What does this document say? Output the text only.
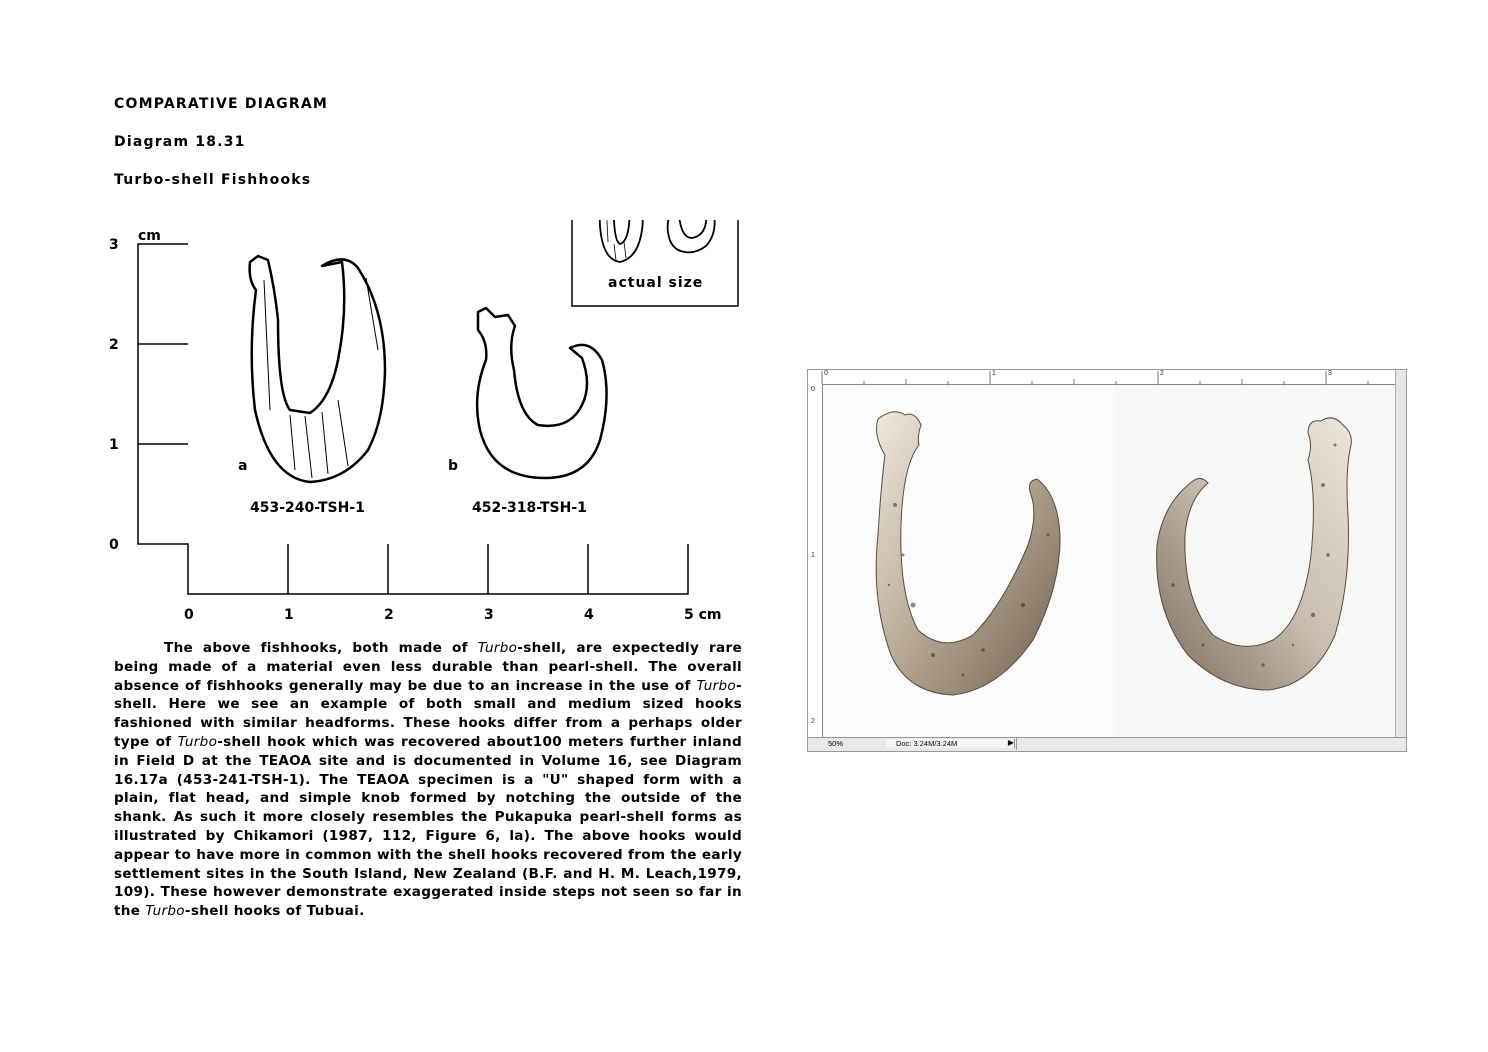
COMPARATIVE DIAGRAM
Diagram 18.31
Turbo-shell Fishhooks
cm
3
2
1
0
0	1	2	3	4	5 cm
a	b
453-240-TSH-1	452-318-TSH-1
actual size
The above fishhooks, both made of Turbo-shell, are expectedly rare being made of a material even less durable than pearl-shell. The overall absence of fishhooks generally may be due to an increase in the use of Turbo-shell. Here we see an example of both small and medium sized hooks fashioned with similar headforms. These hooks differ from a perhaps older type of Turbo-shell hook which was recovered about100 meters further inland in Field D at the TEAOA site and is documented in Volume 16, see Diagram 16.17a (453-241-TSH-1). The TEAOA specimen is a "U" shaped form with a plain, flat head, and simple knob formed by notching the outside of the shank. As such it more closely resembles the Pukapuka pearl-shell forms as illustrated by Chikamori (1987, 112, Figure 6, la). The above hooks would appear to have more in common with the shell hooks recovered from the early settlement sites in the South Island, New Zealand (B.F. and H. M. Leach,1979, 109). These however demonstrate exaggerated inside steps not seen so far in the Turbo-shell hooks of Tubuai.
0	1	2	3
0
1
2
50%	Doc: 3.24M/3.24M	▶
